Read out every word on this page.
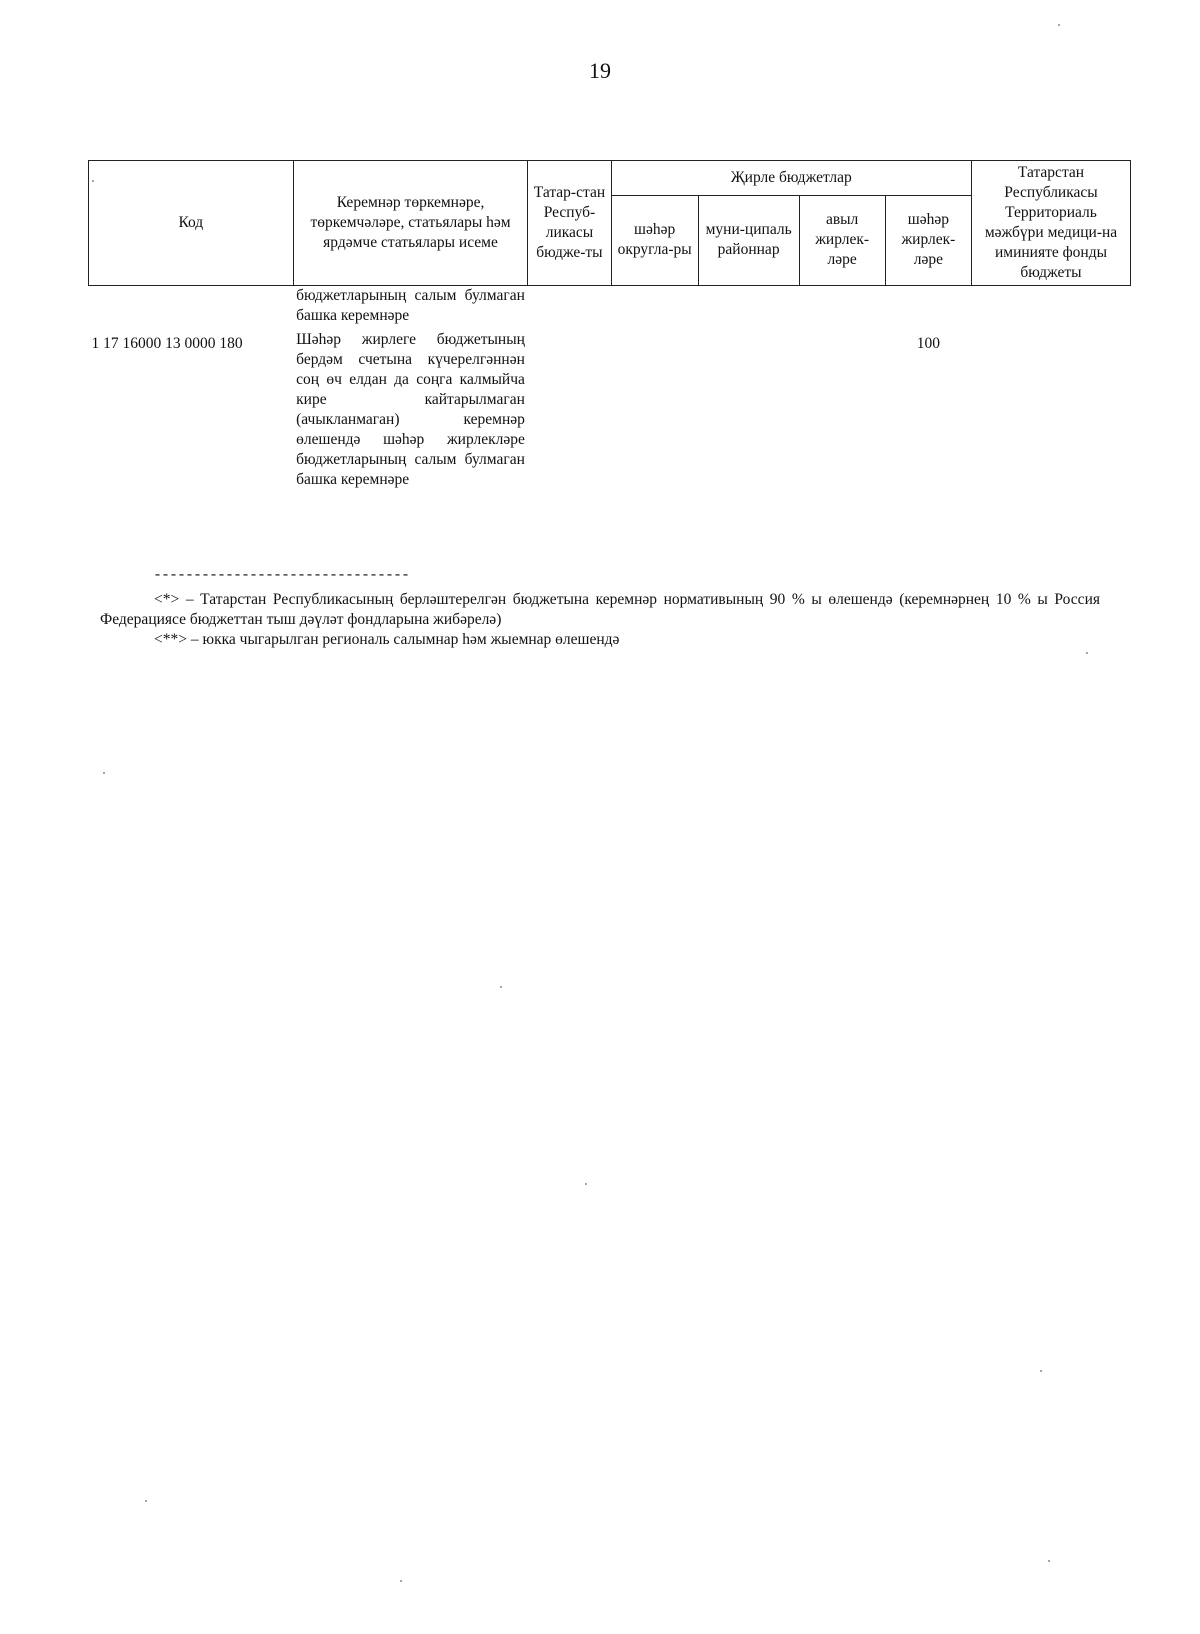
19
Код	Керемнәр төркемнәре, төркемчәләре, статьялары һәм ярдәмче статьялары исеме	Татар-стан Респуб-ликасы бюдже-ты	Җирле бюджетлар				Татарстан Республикасы Территориаль мәжбүри медици-на иминияте фонды бюджеты
			шәһәр округла-ры	муни-ципаль районнар	авыл жирлек-ләре	шәһәр жирлек-ләре	
	бюджетларының салым булмаган башка керемнәре						

1 17 16000 13 0000 180	Шәһәр жирлеге бюджетының бердәм счетына күчерелгәннән соң өч елдан да соңга калмыйча кире кайтарылмаган (ачыкланмаган) керемнәр өлешендә шәһәр жирлекләре бюджетларының салым булмаган башка керемнәре					100	
--------------------------------
<*> – Татарстан Республикасының берләштерелгән бюджетына керемнәр нормативының 90 % ы өлешендә (керемнәрнең 10 % ы Россия Федерациясе бюджеттан тыш дәүләт фондларына жибәрелә)
<**> – юкка чыгарылган региональ салымнар һәм жыемнар өлешендә
